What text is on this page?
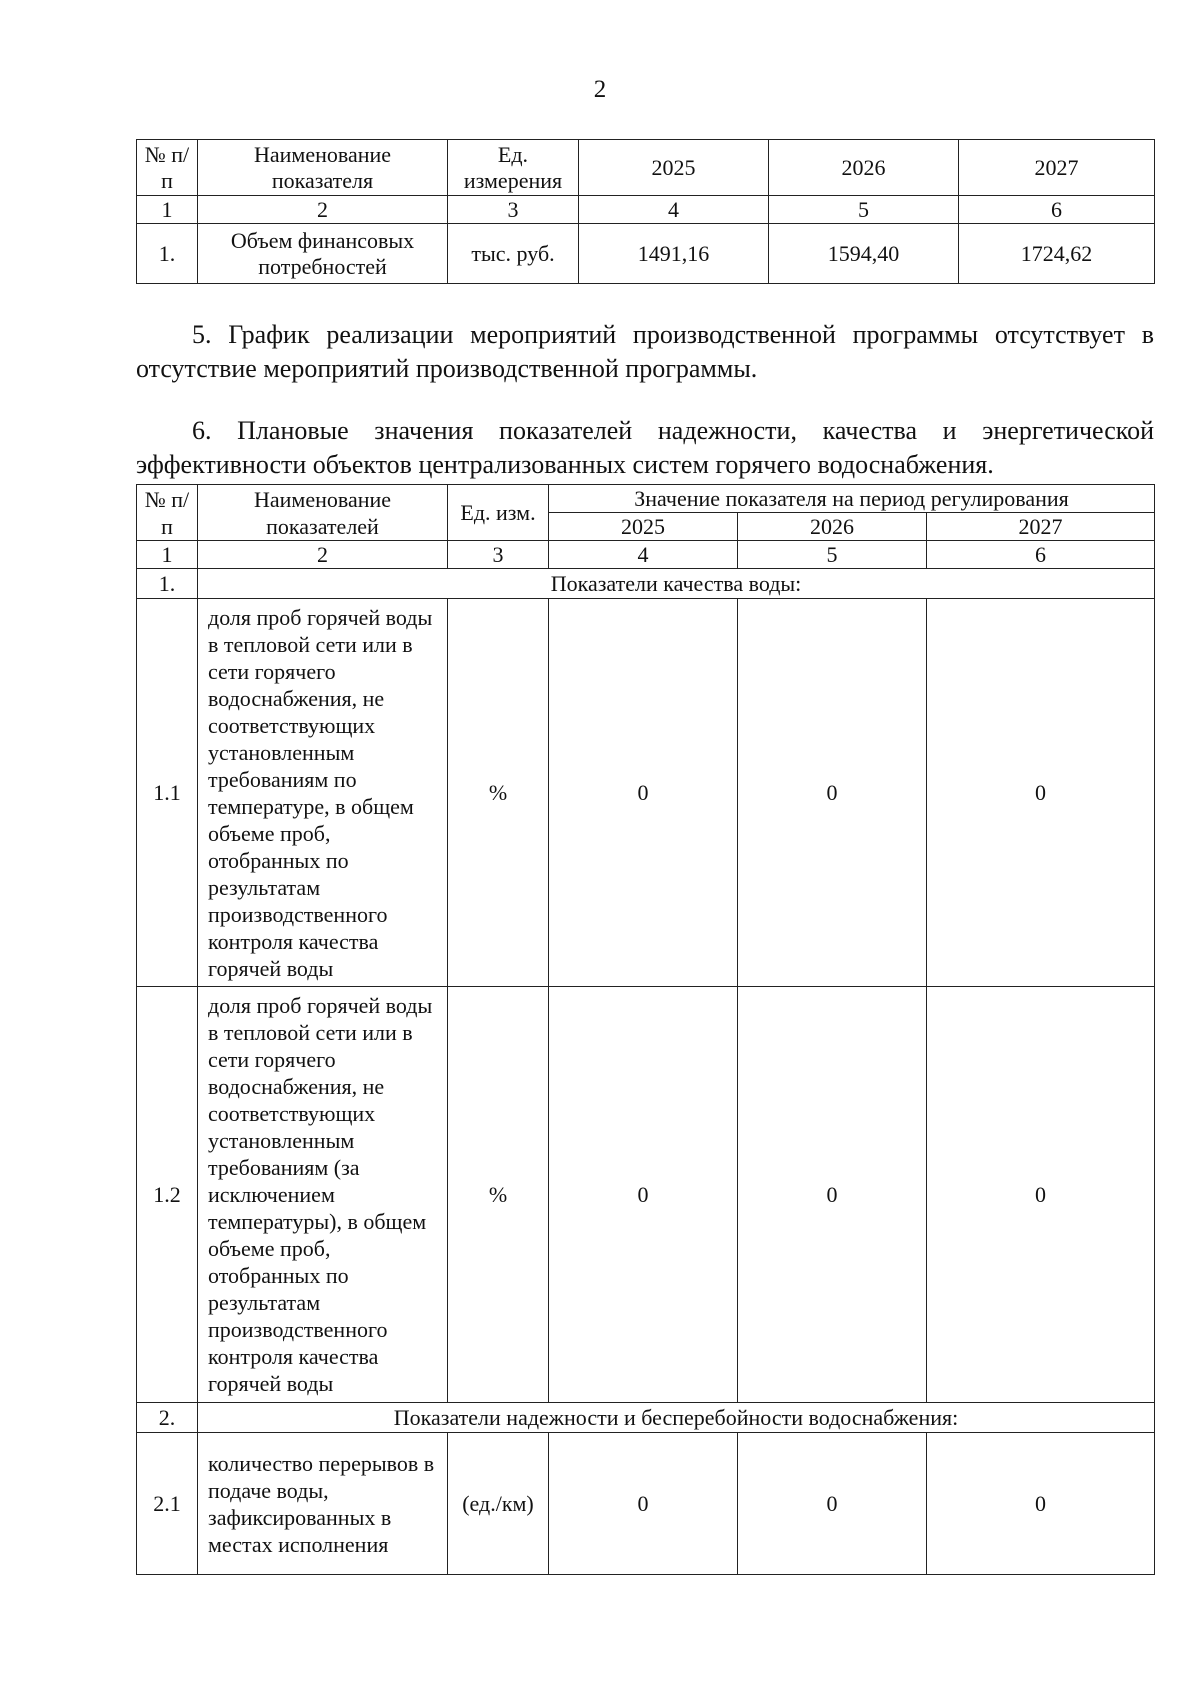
2
№ п/п	Наименование показателя	Ед. измерения	2025	2026	2027
1	2	3	4	5	6
1.	Объем финансовых потребностей	тыс. руб.	1491,16	1594,40	1724,62
5. График реализации мероприятий производственной программы отсутствует в отсутствие мероприятий производственной программы.
6. Плановые значения показателей надежности, качества и энергетической эффективности объектов централизованных систем горячего водоснабжения.
№ п/п	Наименование показателей	Ед. изм.	Значение показателя на период регулирования		
			2025	2026	2027
1	2	3	4	5	6
1.	Показатели качества воды:				
1.1	доля проб горячей воды в тепловой сети или в сети горячего водоснабжения, не соответствующих установленным требованиям по температуре, в общем объеме проб, отобранных по результатам производственного контроля качества горячей воды	%	0	0	0
1.2	доля проб горячей воды в тепловой сети или в сети горячего водоснабжения, не соответствующих установленным требованиям (за исключением температуры), в общем объеме проб, отобранных по результатам производственного контроля качества горячей воды	%	0	0	0
2.	Показатели надежности и бесперебойности водоснабжения:				
2.1	количество перерывов в подаче воды, зафиксированных в местах исполнения	(ед./км)	0	0	0
